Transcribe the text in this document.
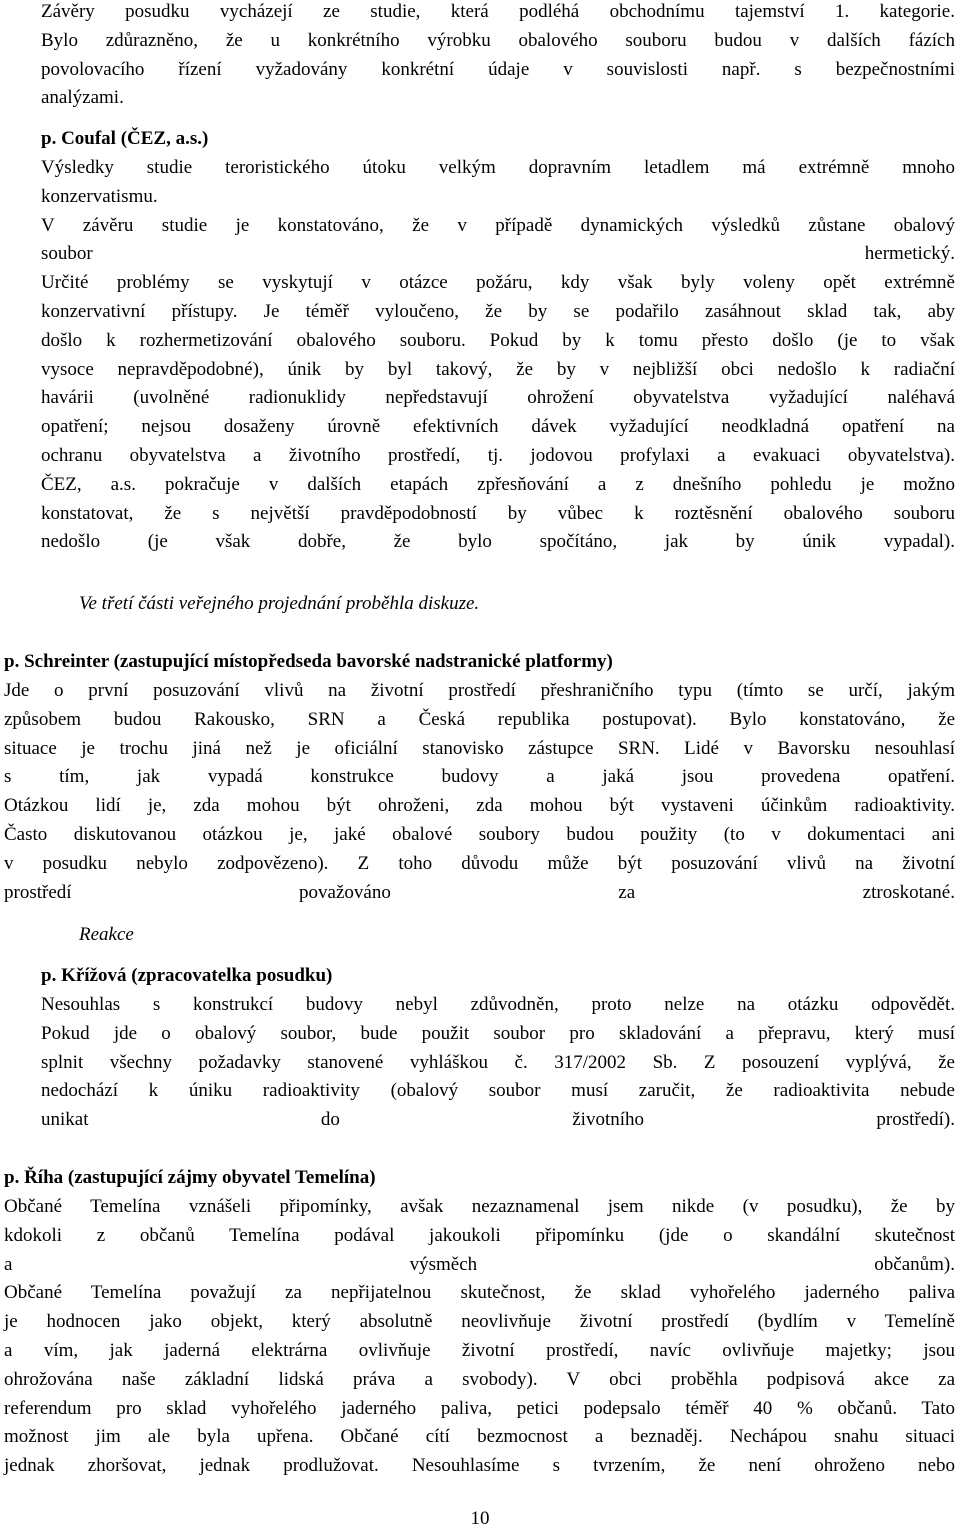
Závěry posudku vycházejí ze studie, která podléhá obchodnímu tajemství 1. kategorie.
Bylo zdůrazněno, že u konkrétního výrobku obalového souboru budou v dalších fázích
povolovacího řízení vyžadovány konkrétní údaje v souvislosti např. s bezpečnostními
analýzami.
p. Coufal (ČEZ, a.s.)
Výsledky studie teroristického útoku velkým dopravním letadlem má extrémně mnoho
konzervatismu.
V závěru studie je konstatováno, že v případě dynamických výsledků zůstane obalový
soubor hermetický.
Určité problémy se vyskytují v otázce požáru, kdy však byly voleny opět extrémně
konzervativní přístupy. Je téměř vyloučeno, že by se podařilo zasáhnout sklad tak, aby
došlo k rozhermetizování obalového souboru. Pokud by k tomu přesto došlo (je to však
vysoce nepravděpodobné), únik by byl takový, že by v nejbližší obci nedošlo k radiační
havárii (uvolněné radionuklidy nepředstavují ohrožení obyvatelstva vyžadující naléhavá
opatření; nejsou dosaženy úrovně efektivních dávek vyžadující neodkladná opatření na
ochranu obyvatelstva a životního prostředí, tj. jodovou profylaxi a evakuaci obyvatelstva).
ČEZ, a.s. pokračuje v dalších etapách zpřesňování a z dnešního pohledu je možno
konstatovat, že s největší pravděpodobností by vůbec k roztěsnění obalového souboru
nedošlo (je však dobře, že bylo spočítáno, jak by únik vypadal).
Ve třetí části veřejného projednání proběhla diskuze.
p. Schreinter (zastupující místopředseda bavorské nadstranické platformy)
Jde o první posuzování vlivů na životní prostředí přeshraničního typu (tímto se určí, jakým
způsobem budou Rakousko, SRN a Česká republika postupovat). Bylo konstatováno, že
situace je trochu jiná než je oficiální stanovisko zástupce SRN. Lidé v Bavorsku nesouhlasí
s tím, jak vypadá konstrukce budovy a jaká jsou provedena opatření.
Otázkou lidí je, zda mohou být ohroženi, zda mohou být vystaveni účinkům radioaktivity.
Často diskutovanou otázkou je, jaké obalové soubory budou použity (to v dokumentaci ani
v posudku nebylo zodpovězeno). Z toho důvodu může být posuzování vlivů na životní
prostředí považováno za ztroskotané.
Reakce
p. Křížová (zpracovatelka posudku)
Nesouhlas s konstrukcí budovy nebyl zdůvodněn, proto nelze na otázku odpovědět.
Pokud jde o obalový soubor, bude použit soubor pro skladování a přepravu, který musí
splnit všechny požadavky stanovené vyhláškou č. 317/2002 Sb. Z posouzení vyplývá, že
nedochází k úniku radioaktivity (obalový soubor musí zaručit, že radioaktivita nebude
unikat do životního prostředí).
p. Říha (zastupující zájmy obyvatel Temelína)
Občané Temelína vznášeli připomínky, avšak nezaznamenal jsem nikde (v posudku), že by
kdokoli z občanů Temelína podával jakoukoli připomínku (jde o skandální skutečnost
a výsměch občanům).
Občané Temelína považují za nepřijatelnou skutečnost, že sklad vyhořelého jaderného paliva
je hodnocen jako objekt, který absolutně neovlivňuje životní prostředí (bydlím v Temelíně
a vím, jak jaderná elektrárna ovlivňuje životní prostředí, navíc ovlivňuje majetky; jsou
ohrožována naše základní lidská práva a svobody). V obci proběhla podpisová akce za
referendum pro sklad vyhořelého jaderného paliva, petici podepsalo téměř 40 % občanů. Tato
možnost jim ale byla upřena. Občané cítí bezmocnost a beznaděj. Nechápou snahu situaci
jednak zhoršovat, jednak prodlužovat. Nesouhlasíme s tvrzením, že není ohroženo nebo
10
